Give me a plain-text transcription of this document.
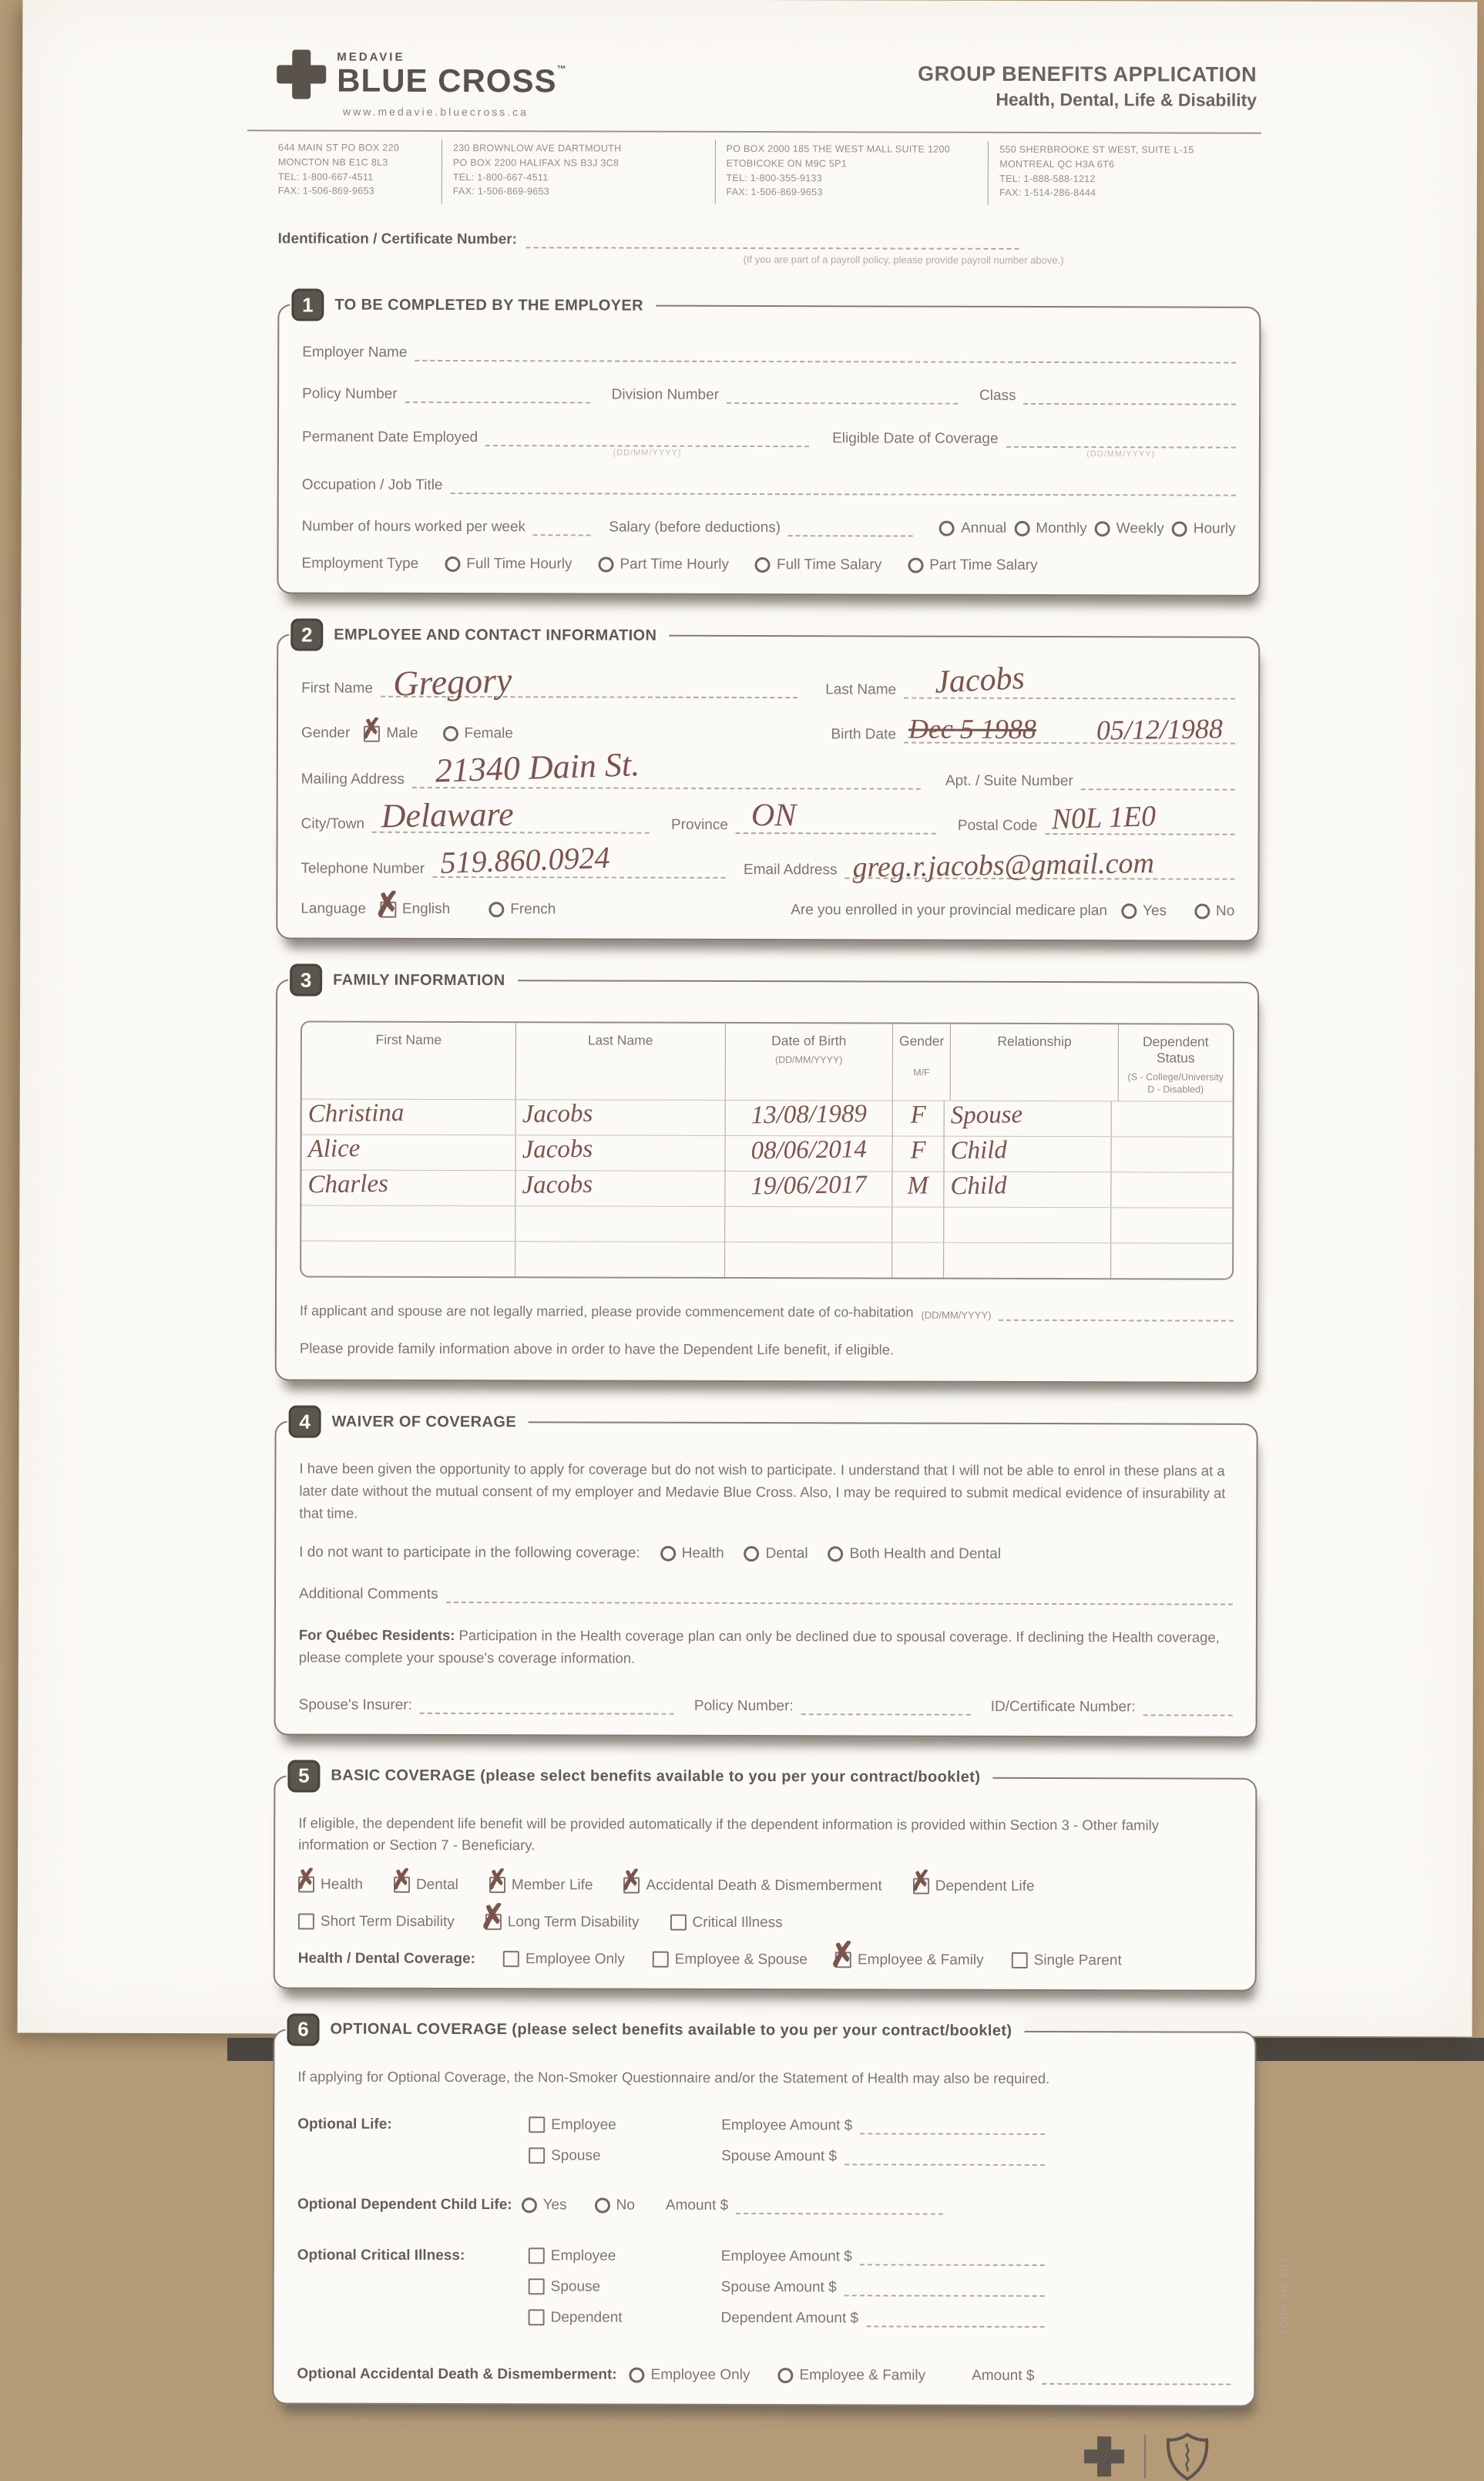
MEDAVIE
BLUE CROSS™
www.medavie.bluecross.ca
GROUP BENEFITS APPLICATION
Health, Dental, Life & Disability
644 MAIN ST PO BOX 220
MONCTON NB E1C 8L3
TEL: 1-800-667-4511
FAX: 1-506-869-9653
230 BROWNLOW AVE DARTMOUTH
PO BOX 2200 HALIFAX NS B3J 3C8
TEL: 1-800-667-4511
FAX: 1-506-869-9653
PO BOX 2000 185 THE WEST MALL SUITE 1200
ETOBICOKE ON M9C 5P1
TEL: 1-800-355-9133
FAX: 1-506-869-9653
550 SHERBROOKE ST WEST, SUITE L-15
MONTREAL QC H3A 6T6
TEL: 1-888-588-1212
FAX: 1-514-286-8444
Identification / Certificate Number:
(If you are part of a payroll policy, please provide payroll number above.)
1	TO BE COMPLETED BY THE EMPLOYER
Employer Name
Policy Number	Division Number	Class
Permanent Date Employed
(DD/MM/YYYY)
Eligible Date of Coverage
(DD/MM/YYYY)
Occupation / Job Title
Number of hours worked per week	Salary (before deductions)	Annual Monthly Weekly Hourly
Employment Type	Full Time Hourly	Part Time Hourly	Full Time Salary	Part Time Salary
2	EMPLOYEE AND CONTACT INFORMATION
First Name Gregory	Last Name Jacobs
Gender ✗ Male	Female	Birth Date Dec 5 1988 05/12/1988
Mailing Address 21340 Dain St.	Apt. / Suite Number
City/Town Delaware	Province ON	Postal Code N0L 1E0
Telephone Number 519.860.0924	Email Address greg.r.jacobs@gmail.com
Language ✗ English	French	Are you enrolled in your provincial medicare plan Yes	No
3	FAMILY INFORMATION
First Name	Last Name	Date of Birth
(DD/MM/YYYY)
Gender
M/F
Relationship	Dependent Status
(S - College/University
D - Disabled)
Christina	Jacobs	13/08/1989	F Spouse
Alice	Jacobs	08/06/2014	F Child
Charles	Jacobs	19/06/2017	M Child
If applicant and spouse are not legally married, please provide commencement date of co-habitation (DD/MM/YYYY)
Please provide family information above in order to have the Dependent Life benefit, if eligible.
4	WAIVER OF COVERAGE
I have been given the opportunity to apply for coverage but do not wish to participate. I understand that I will not be able to enrol in these plans at a later date without the mutual consent of my employer and Medavie Blue Cross. Also, I may be required to submit medical evidence of insurability at that time.
I do not want to participate in the following coverage:	Health	Dental	Both Health and Dental
Additional Comments
For Québec Residents: Participation in the Health coverage plan can only be declined due to spousal coverage. If declining the Health coverage, please complete your spouse's coverage information.
Spouse's Insurer:	Policy Number:	ID/Certificate Number:
5	BASIC COVERAGE (please select benefits available to you per your contract/booklet)
If eligible, the dependent life benefit will be provided automatically if the dependent information is provided within Section 3 - Other family information or Section 7 - Beneficiary.
✗ Health ✗ Dental ✗ Member Life ✗ Accidental Death & Dismemberment ✗ Dependent Life
Short Term Disability ✗ Long Term Disability	Critical Illness
Health / Dental Coverage:	Employee Only	Employee & Spouse ✗ Employee & Family	Single Parent
6	OPTIONAL COVERAGE (please select benefits available to you per your contract/booklet)
If applying for Optional Coverage, the Non-Smoker Questionnaire and/or the Statement of Health may also be required.
Optional Life:	Employee	Employee Amount $
Spouse	Spouse Amount $
Optional Dependent Child Life: Yes	No Amount $
Optional Critical Illness:	Employee	Employee Amount $
Spouse	Spouse Amount $
Dependent	Dependent Amount $
Optional Accidental Death & Dismemberment: Employee Only	Employee & Family	Amount $
FORM-89E 6/17
